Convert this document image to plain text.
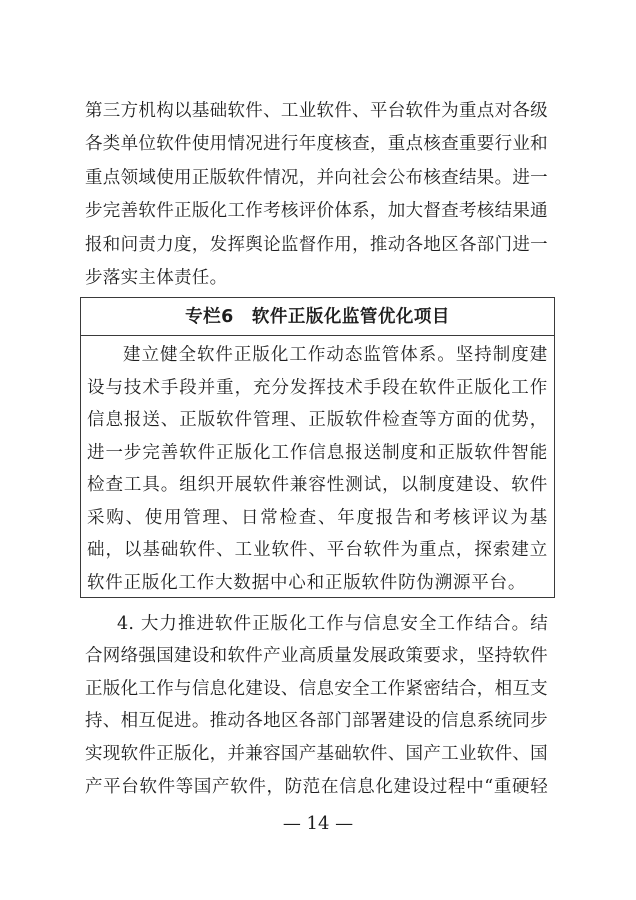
第三方机构以基础软件、工业软件、平台软件为重点对各级
各类单位软件使用情况进行年度核查，重点核查重要行业和
重点领域使用正版软件情况，并向社会公布核查结果。进一
步完善软件正版化工作考核评价体系，加大督查考核结果通
报和问责力度，发挥舆论监督作用，推动各地区各部门进一
步落实主体责任。
专栏6　软件正版化监管优化项目
建立健全软件正版化工作动态监管体系。坚持制度建
设与技术手段并重，充分发挥技术手段在软件正版化工作
信息报送、正版软件管理、正版软件检查等方面的优势，
进一步完善软件正版化工作信息报送制度和正版软件智能
检查工具。组织开展软件兼容性测试，以制度建设、软件
采购、使用管理、日常检查、年度报告和考核评议为基
础，以基础软件、工业软件、平台软件为重点，探索建立
软件正版化工作大数据中心和正版软件防伪溯源平台。
4. 大力推进软件正版化工作与信息安全工作结合。结
合网络强国建设和软件产业高质量发展政策要求，坚持软件
正版化工作与信息化建设、信息安全工作紧密结合，相互支
持、相互促进。推动各地区各部门部署建设的信息系统同步
实现软件正版化，并兼容国产基础软件、国产工业软件、国
产平台软件等国产软件，防范在信息化建设过程中“重硬轻
— 14 —
